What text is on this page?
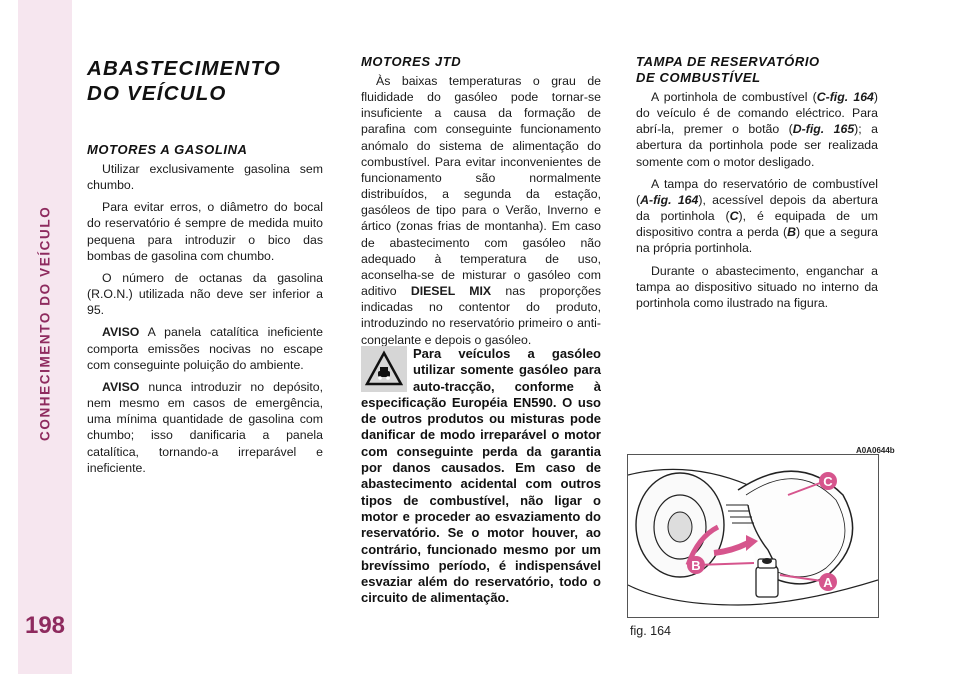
CONHECIMENTO DO VEÍCULO
198
ABASTECIMENTO
DO VEÍCULO
MOTORES A GASOLINA

Utilizar exclusivamente gasolina sem chumbo.

Para evitar erros, o diâmetro do bocal do reservatório é sempre de medida muito pequena para introduzir o bico das bombas de gasolina com chumbo.

O número de octanas da gasolina (R.O.N.) utilizada não deve ser inferior a 95.

AVISO A panela catalítica ineficiente comporta emissões nocivas no escape com conseguinte poluição do ambiente.

AVISO nunca introduzir no depósito, nem mesmo em casos de emergência, uma mínima quantidade de gasolina com chumbo; isso danificaria a panela catalítica, tornando-a irreparável e ineficiente.

MOTORES JTD

Às baixas temperaturas o grau de fluididade do gasóleo pode tornar-se insuficiente a causa da formação de parafina com conseguinte funcionamento anómalo do sistema de alimentação do combustível. Para evitar inconvenientes de funcionamento são normalmente distribuídos, a segunda da estação, gasóleos de tipo para o Verão, Inverno e ártico (zonas frias de montanha). Em caso de abastecimento com gasóleo não adequado à temperatura de uso, aconselha-se de misturar o gasóleo com aditivo DIESEL MIX nas proporções indicadas no contentor do produto, introduzindo no reservatório primeiro o anti-congelante e depois o gasóleo.

Para veículos a gasóleo utilizar somente gasóleo para auto-tracção, conforme à especificação Européia EN590. O uso de outros produtos ou misturas pode danificar de modo irreparável o motor com conseguinte perda da garantia por danos causados. Em caso de abastecimento acidental com outros tipos de combustível, não ligar o motor e proceder ao esvaziamento do reservatório. Se o motor houver, ao contrário, funcionado mesmo por um brevíssimo período, é indispensável esvaziar além do reservatório, todo o circuito de alimentação.
TAMPA DE RESERVATÓRIO
DE COMBUSTÍVEL

A portinhola de combustível (C-fig. 164) do veículo é de comando eléctrico. Para abrí-la, premer o botão (D-fig. 165); a abertura da portinhola pode ser realizada somente com o motor desligado.

A tampa do reservatório de combustível (A-fig. 164), acessível depois da abertura da portinhola (C), é equipada de um dispositivo contra a perda (B) que a segura na própria portinhola.

Durante o abastecimento, enganchar a tampa ao dispositivo situado no interno da portinhola como ilustrado na figura.

A0A0644b
C
B
A
fig. 164
